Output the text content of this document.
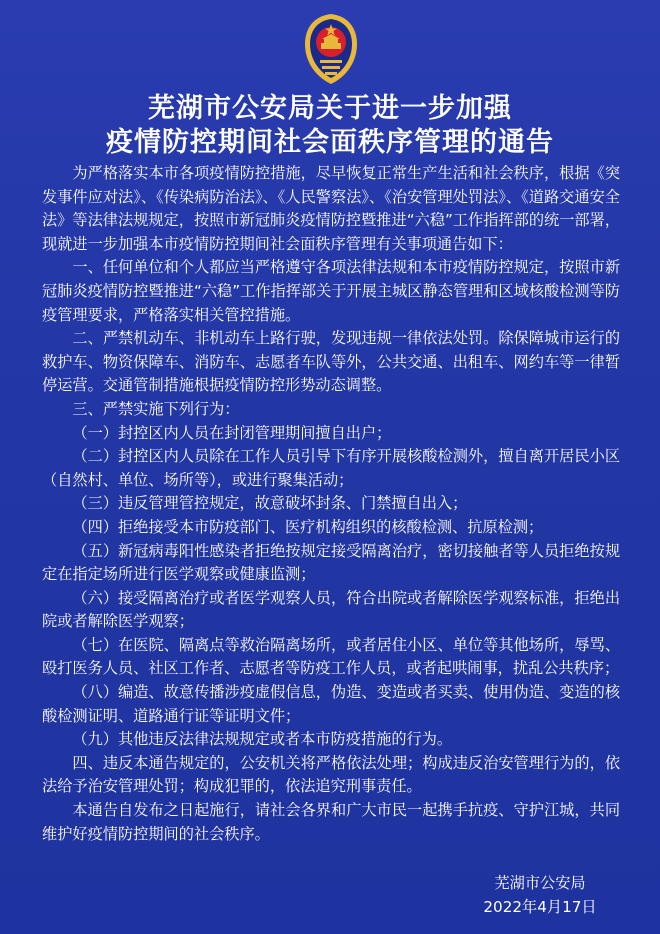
芜湖市公安局关于进一步加强
疫情防控期间社会面秩序管理的通告

为严格落实本市各项疫情防控措施，尽早恢复正常生产生活和社会秩序，根据《突发事件应对法》、《传染病防治法》、《人民警察法》、《治安管理处罚法》、《道路交通安全法》等法律法规规定，按照市新冠肺炎疫情防控暨推进“六稳”工作指挥部的统一部署，现就进一步加强本市疫情防控期间社会面秩序管理有关事项通告如下：

一、任何单位和个人都应当严格遵守各项法律法规和本市疫情防控规定，按照市新冠肺炎疫情防控暨推进“六稳”工作指挥部关于开展主城区静态管理和区域核酸检测等防疫管理要求，严格落实相关管控措施。

二、严禁机动车、非机动车上路行驶，发现违规一律依法处罚。除保障城市运行的救护车、物资保障车、消防车、志愿者车队等外，公共交通、出租车、网约车等一律暂停运营。交通管制措施根据疫情防控形势动态调整。

三、严禁实施下列行为：

（一）封控区内人员在封闭管理期间擅自出户；

（二）封控区内人员除在工作人员引导下有序开展核酸检测外，擅自离开居民小区（自然村、单位、场所等），或进行聚集活动；

（三）违反管理管控规定，故意破坏封条、门禁擅自出入；

（四）拒绝接受本市防疫部门、医疗机构组织的核酸检测、抗原检测；

（五）新冠病毒阳性感染者拒绝按规定接受隔离治疗，密切接触者等人员拒绝按规定在指定场所进行医学观察或健康监测；

（六）接受隔离治疗或者医学观察人员，符合出院或者解除医学观察标准，拒绝出院或者解除医学观察；

（七）在医院、隔离点等救治隔离场所，或者居住小区、单位等其他场所，辱骂、殴打医务人员、社区工作者、志愿者等防疫工作人员，或者起哄闹事，扰乱公共秩序；

（八）编造、故意传播涉疫虚假信息，伪造、变造或者买卖、使用伪造、变造的核酸检测证明、道路通行证等证明文件；

（九）其他违反法律法规规定或者本市防疫措施的行为。

四、违反本通告规定的，公安机关将严格依法处理；构成违反治安管理行为的，依法给予治安管理处罚；构成犯罪的，依法追究刑事责任。

本通告自发布之日起施行，请社会各界和广大市民一起携手抗疫、守护江城，共同维护好疫情防控期间的社会秩序。

芜湖市公安局
2022年4月17日
